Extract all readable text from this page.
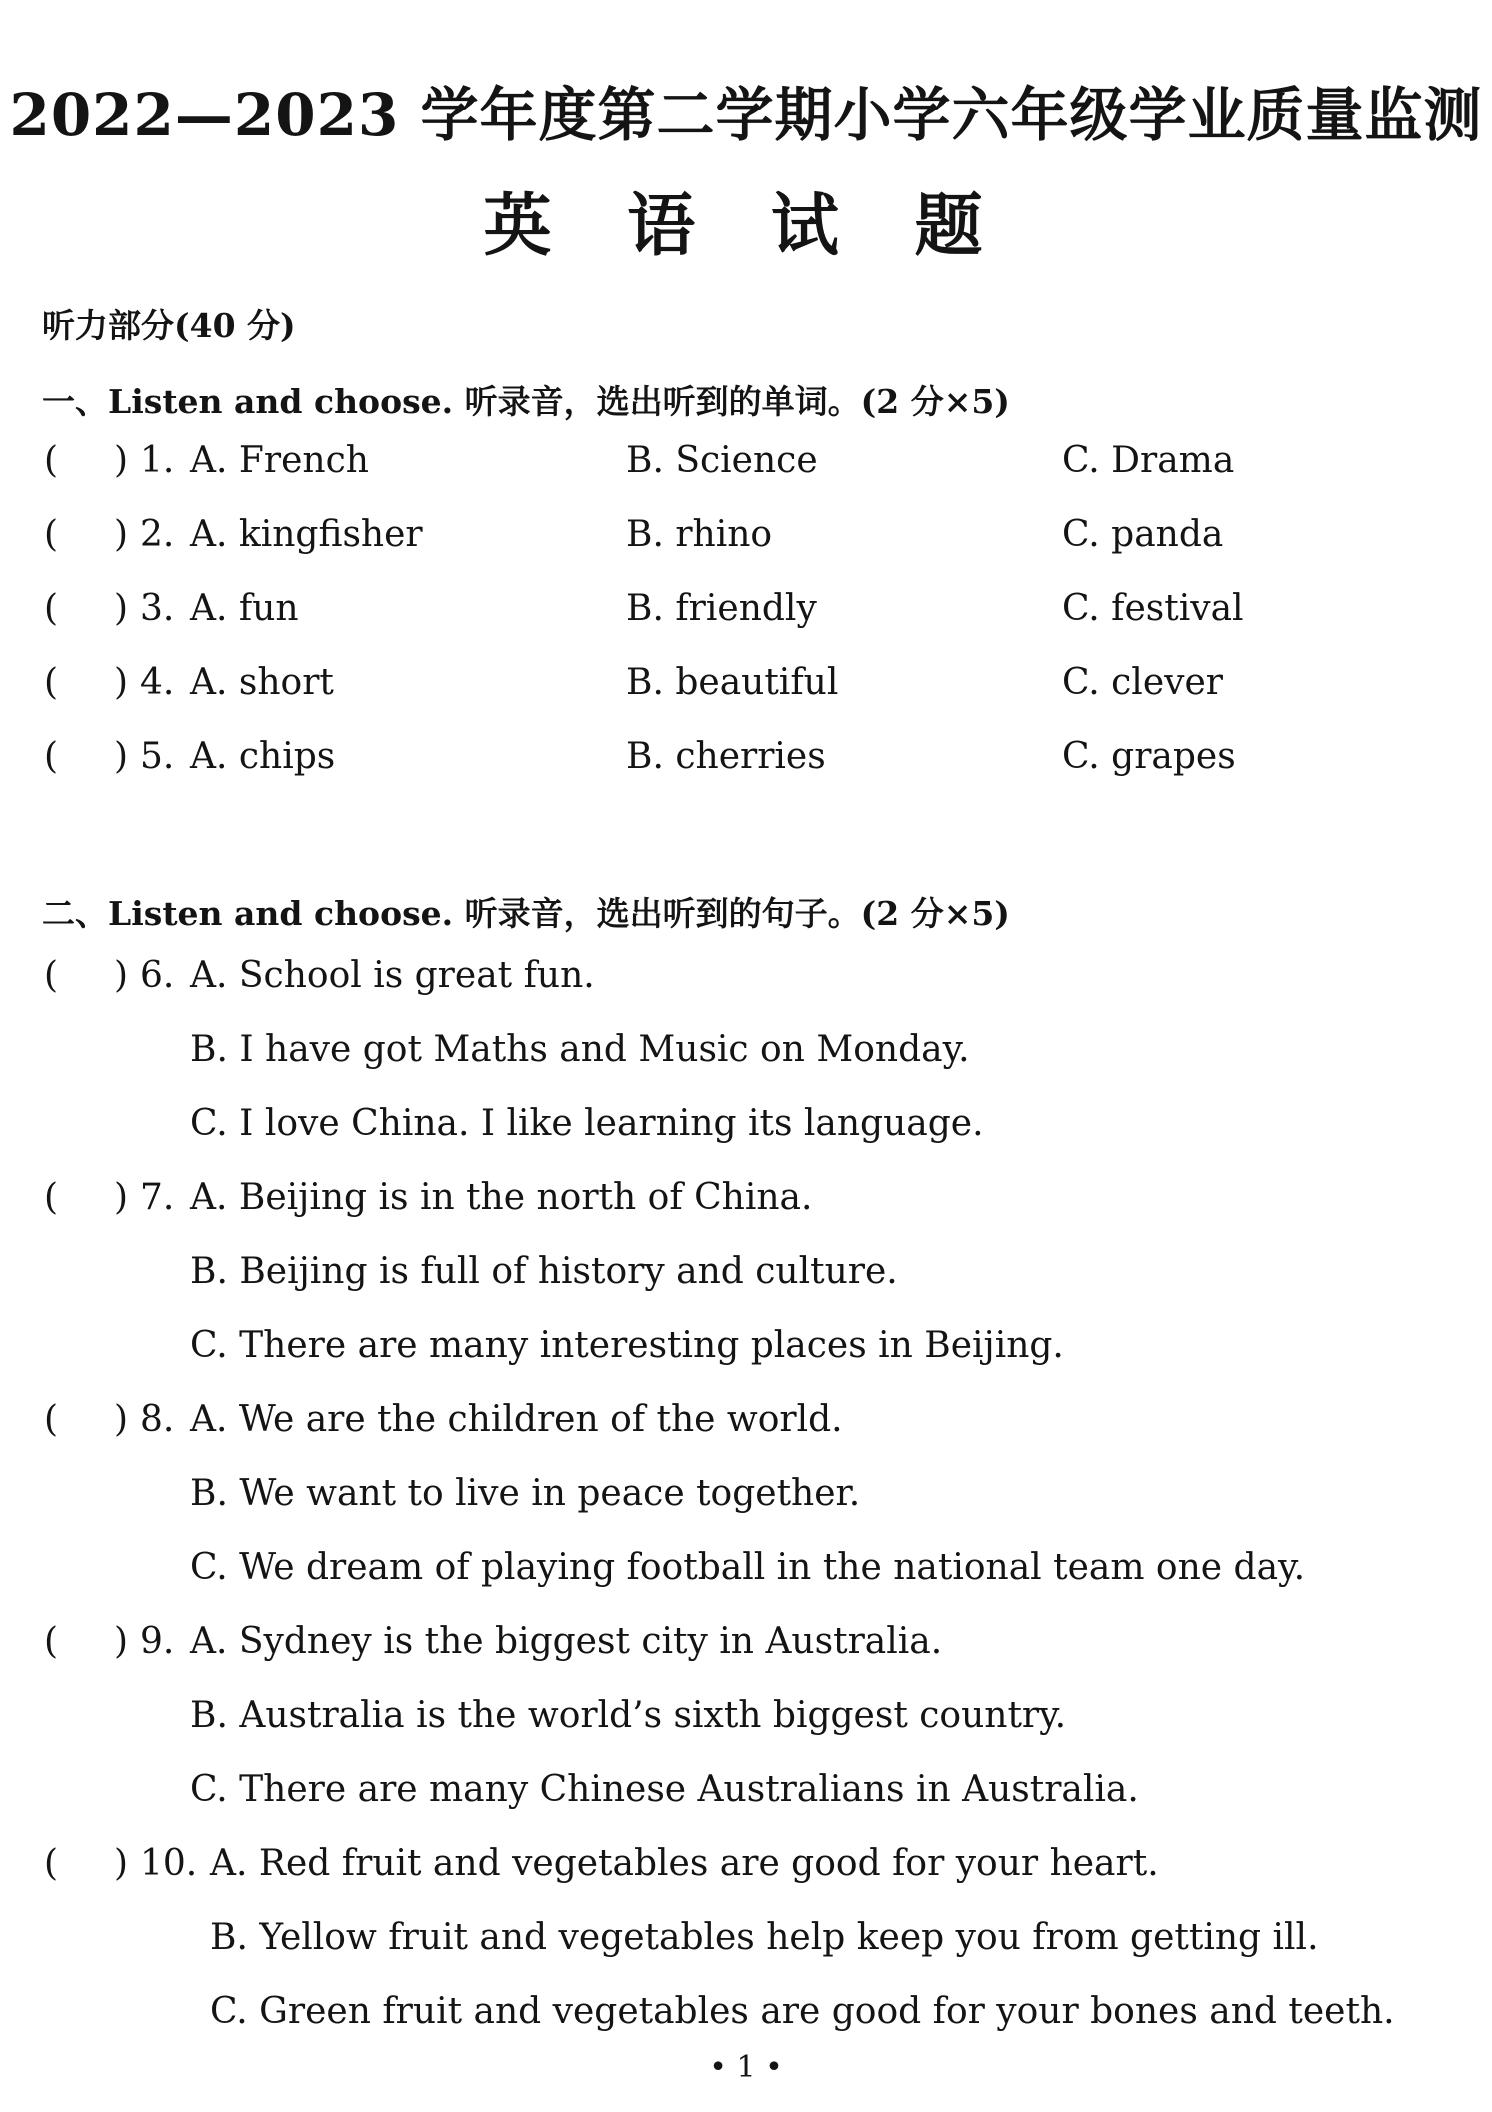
2022—2023 学年度第二学期小学六年级学业质量监测
英 语 试 题
听力部分(40 分)
一、Listen and choose. 听录音，选出听到的单词。(2 分×5)
( ) 1. A. French	B. Science	C. Drama
( ) 2. A. kingfisher	B. rhino	C. panda
( ) 3. A. fun	B. friendly	C. festival
( ) 4. A. short	B. beautiful	C. clever
( ) 5. A. chips	B. cherries	C. grapes
二、Listen and choose. 听录音，选出听到的句子。(2 分×5)
( ) 6. A. School is great fun.
B. I have got Maths and Music on Monday.
C. I love China. I like learning its language.
( ) 7. A. Beijing is in the north of China.
B. Beijing is full of history and culture.
C. There are many interesting places in Beijing.
( ) 8. A. We are the children of the world.
B. We want to live in peace together.
C. We dream of playing football in the national team one day.
( ) 9. A. Sydney is the biggest city in Australia.
B. Australia is the world’s sixth biggest country.
C. There are many Chinese Australians in Australia.
( ) 10. A. Red fruit and vegetables are good for your heart.
B. Yellow fruit and vegetables help keep you from getting ill.
C. Green fruit and vegetables are good for your bones and teeth.
• 1 •
